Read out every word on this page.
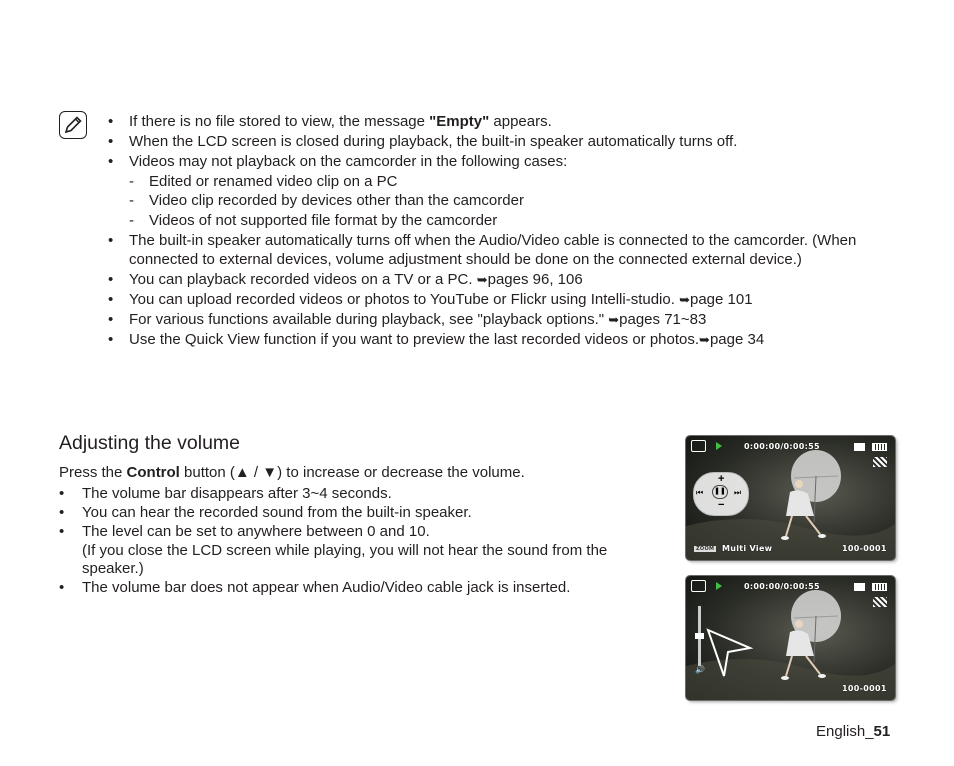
• If there is no file stored to view, the message "Empty" appears.
• When the LCD screen is closed during playback, the built-in speaker automatically turns off.
• Videos may not playback on the camcorder in the following cases:
- Edited or renamed video clip on a PC
- Video clip recorded by devices other than the camcorder
- Videos of not supported file format by the camcorder
• The built-in speaker automatically turns off when the Audio/Video cable is connected to the camcorder. (When connected to external devices, volume adjustment should be done on the connected external device.)
• You can playback recorded videos on a TV or a PC. ➥pages 96, 106
• You can upload recorded videos or photos to YouTube or Flickr using Intelli-studio. ➥page 101
• For various functions available during playback, see "playback options." ➥pages 71~83
• Use the Quick View function if you want to preview the last recorded videos or photos.➥page 34
Adjusting the volume

Press the Control button (▲ / ▼) to increase or decrease the volume.

• The volume bar disappears after 3~4 seconds.
• You can hear the recorded sound from the built-in speaker.
• The level can be set to anywhere between 0 and 10.
(If you close the LCD screen while playing, you will not hear the sound from the speaker.)
• The volume bar does not appear when Audio/Video cable jack is inserted.
0:00:00/0:00:55
+
⏮	❚❚ ⏭
−
ZOOM Multi View	100-0001
0:00:00/0:00:55
🔊
100-0001
English_51
